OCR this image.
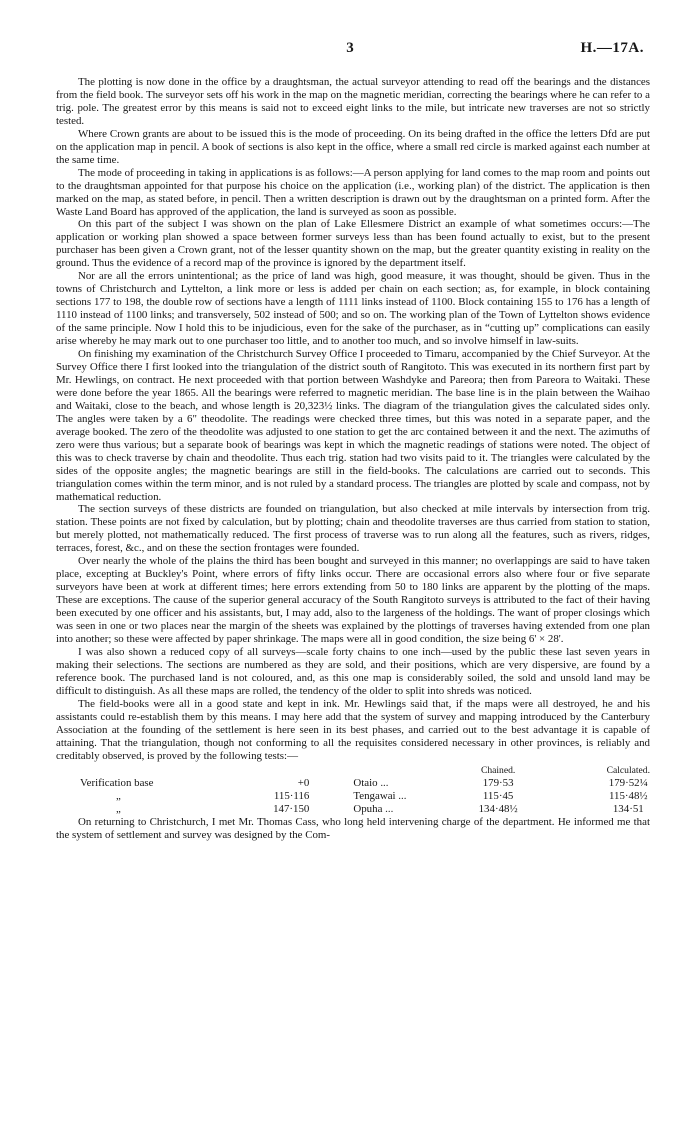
3	H.—17A.

The plotting is now done in the office by a draughtsman, the actual surveyor attending to read off the bearings and the distances from the field book. The surveyor sets off his work in the map on the magnetic meridian, correcting the bearings where he can refer to a trig. pole. The greatest error by this means is said not to exceed eight links to the mile, but intricate new traverses are not so strictly tested.

Where Crown grants are about to be issued this is the mode of proceeding. On its being drafted in the office the letters Dfd are put on the application map in pencil. A book of sections is also kept in the office, where a small red circle is marked against each number at the same time.

The mode of proceeding in taking in applications is as follows:—A person applying for land comes to the map room and points out to the draughtsman appointed for that purpose his choice on the application (i.e., working plan) of the district. The application is then marked on the map, as stated before, in pencil. Then a written description is drawn out by the draughtsman on a printed form. After the Waste Land Board has approved of the application, the land is surveyed as soon as possible.

On this part of the subject I was shown on the plan of Lake Ellesmere District an example of what sometimes occurs:—The application or working plan showed a space between former surveys less than has been found actually to exist, but to the present purchaser has been given a Crown grant, not of the lesser quantity shown on the map, but the greater quantity existing in reality on the ground. Thus the evidence of a record map of the province is ignored by the department itself.

Nor are all the errors unintentional; as the price of land was high, good measure, it was thought, should be given. Thus in the towns of Christchurch and Lyttelton, a link more or less is added per chain on each section; as, for example, in block containing sections 177 to 198, the double row of sections have a length of 1111 links instead of 1100. Block containing 155 to 176 has a length of 1110 instead of 1100 links; and transversely, 502 instead of 500; and so on. The working plan of the Town of Lyttelton shows evidence of the same principle. Now I hold this to be injudicious, even for the sake of the purchaser, as in “cutting up” complications can easily arise whereby he may mark out to one purchaser too little, and to another too much, and so involve himself in law-suits.

On finishing my examination of the Christchurch Survey Office I proceeded to Timaru, accompanied by the Chief Surveyor. At the Survey Office there I first looked into the triangulation of the district south of Rangitoto. This was executed in its northern first part by Mr. Hewlings, on contract. He next proceeded with that portion between Washdyke and Pareora; then from Pareora to Waitaki. These were done before the year 1865. All the bearings were referred to magnetic meridian. The base line is in the plain between the Waihao and Waitaki, close to the beach, and whose length is 20,323½ links. The diagram of the triangulation gives the calculated sides only. The angles were taken by a 6" theodolite. The readings were checked three times, but this was noted in a separate paper, and the average booked. The zero of the theodolite was adjusted to one station to get the arc contained between it and the next. The azimuths of zero were thus various; but a separate book of bearings was kept in which the magnetic readings of stations were noted. The object of this was to check traverse by chain and theodolite. Thus each trig. station had two visits paid to it. The triangles were calculated by the sides of the opposite angles; the magnetic bearings are still in the field-books. The calculations are carried out to seconds. This triangulation comes within the term minor, and is not ruled by a standard process. The triangles are plotted by scale and compass, not by mathematical reduction.

The section surveys of these districts are founded on triangulation, but also checked at mile intervals by intersection from trig. station. These points are not fixed by calculation, but by plotting; chain and theodolite traverses are thus carried from station to station, but merely plotted, not mathematically reduced. The first process of traverse was to run along all the features, such as rivers, ridges, terraces, forest, &c., and on these the section frontages were founded.

Over nearly the whole of the plains the third has been bought and surveyed in this manner; no overlappings are said to have taken place, excepting at Buckley's Point, where errors of fifty links occur. There are occasional errors also where four or five separate surveyors have been at work at different times; here errors extending from 50 to 180 links are apparent by the plotting of the maps. These are exceptions. The cause of the superior general accuracy of the South Rangitoto surveys is attributed to the fact of their having been executed by one officer and his assistants, but, I may add, also to the largeness of the holdings. The want of proper closings which was seen in one or two places near the margin of the sheets was explained by the plottings of traverses having extended from one plan into another; so these were affected by paper shrinkage. The maps were all in good condition, the size being 6' × 28'.

I was also shown a reduced copy of all surveys—scale forty chains to one inch—used by the public these last seven years in making their selections. The sections are numbered as they are sold, and their positions, which are very dispersive, are found by a reference book. The purchased land is not coloured, and, as this one map is considerably soiled, the sold and unsold land may be difficult to distinguish. As all these maps are rolled, the tendency of the older to split into shreds was noticed.

The field-books were all in a good state and kept in ink. Mr. Hewlings said that, if the maps were all destroyed, he and his assistants could re-establish them by this means. I may here add that the system of survey and mapping introduced by the Canterbury Association at the founding of the settlement is here seen in its best phases, and carried out to the best advantage it is capable of attaining. That the triangulation, though not conforming to all the requisites considered necessary in other provinces, is reliably and creditably observed, is proved by the following tests:—

			Chained.		Calculated.
Verification base	+0	Otaio ...	179·53		179·52¼
„	115·116	Tengawai ...	115·45		115·48½
„	147·150	Opuha ...	134·48½		134·51

On returning to Christchurch, I met Mr. Thomas Cass, who long held intervening charge of the department. He informed me that the system of settlement and survey was designed by the Com-
